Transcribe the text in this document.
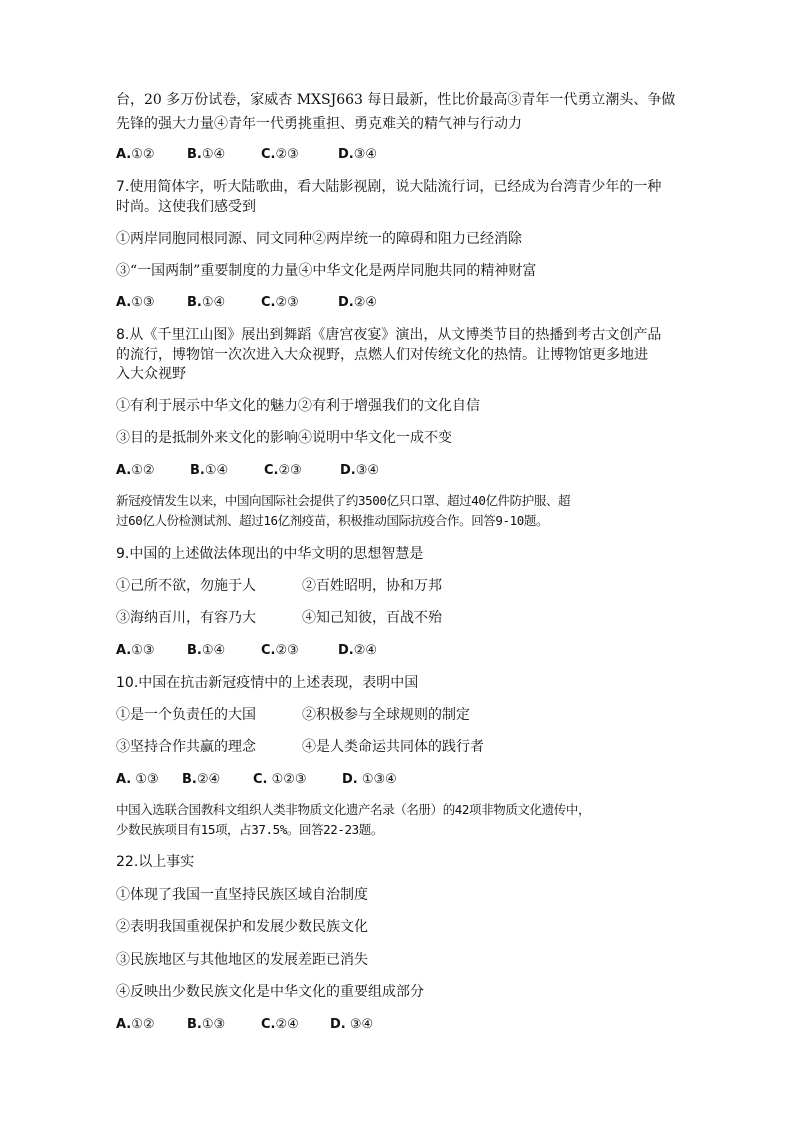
台，20 多万份试卷，家威杏 MXSJ663 每日最新，性比价最高③青年一代勇立潮头、争做
先锋的强大力量④青年一代勇挑重担、勇克难关的精气神与行动力
A.①② B.①④	C.②③	D.③④
7.使用简体字，听大陆歌曲，看大陆影视剧，说大陆流行词，已经成为台湾青少年的一种
时尚。这使我们感受到
①两岸同胞同根同源、同文同种②两岸统一的障碍和阻力已经消除
③“一国两制”重要制度的力量④中华文化是两岸同胞共同的精神财富
A.①③ B.①④	C.②③	D.②④
8.从《千里江山图》展出到舞蹈《唐宫夜宴》演出，从文博类节目的热播到考古文创产品
的流行，博物馆一次次进入大众视野，点燃人们对传统文化的热情。让博物馆更多地进
入大众视野
①有利于展示中华文化的魅力②有利于增强我们的文化自信
③目的是抵制外来文化的影响④说明中华文化一成不变
A.①②	B.①④	C.②③	D.③④
新冠疫情发生以来，中国向国际社会提供了约3500亿只口罩、超过40亿件防护服、超
过60亿人份检测试剂、超过16亿剂疫苗，积极推动国际抗疫合作。回答9-10题。
9.中国的上述做法体现出的中华文明的思想智慧是
①己所不欲，勿施于人	②百姓昭明，协和万邦
③海纳百川，有容乃大	④知己知彼，百战不殆
A.①③ B.①④	C.②③	D.②④
10.中国在抗击新冠疫情中的上述表现，表明中国
①是一个负责任的大国	②积极参与全球规则的制定
③坚持合作共赢的理念	④是人类命运共同体的践行者
A. ①③ B.②④	C. ①②③	D. ①③④
中国入选联合国教科文组织人类非物质文化遗产名录（名册）的42项非物质文化遗传中，
少数民族项目有15项，占37.5%。回答22-23题。
22.以上事实
①体现了我国一直坚持民族区域自治制度
②表明我国重视保护和发展少数民族文化
③民族地区与其他地区的发展差距已消失
④反映出少数民族文化是中华文化的重要组成部分
A.①② B.①③	C.②④ D. ③④
